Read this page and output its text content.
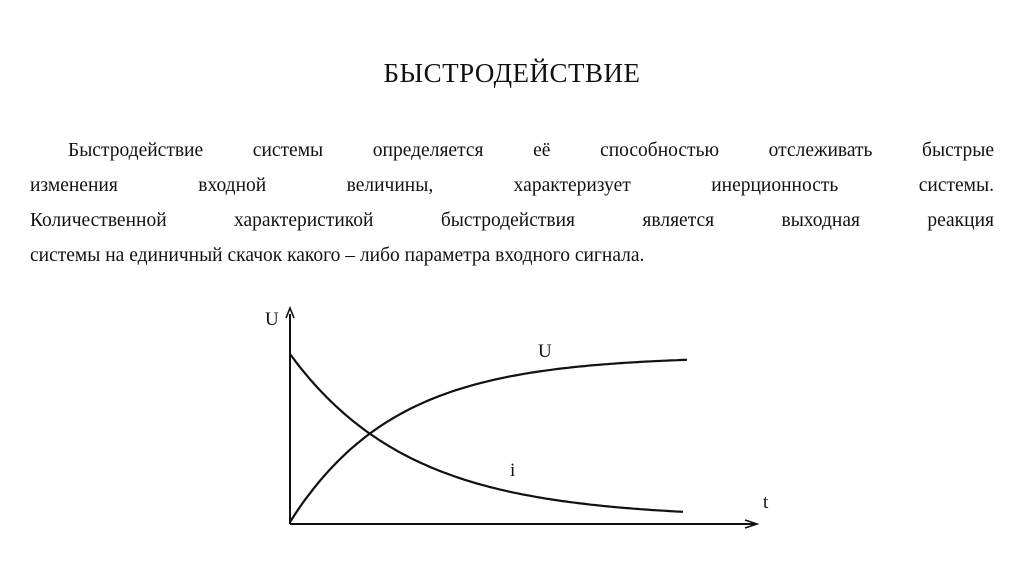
БЫСТРОДЕЙСТВИЕ
Быстродействие системы определяется её способностью отслеживать быстрые
изменения входной величины, характеризует инерционность системы.
Количественной характеристикой быстродействия является выходная реакция
системы на единичный скачок какого – либо параметра входного сигнала.
U
t
U
i
